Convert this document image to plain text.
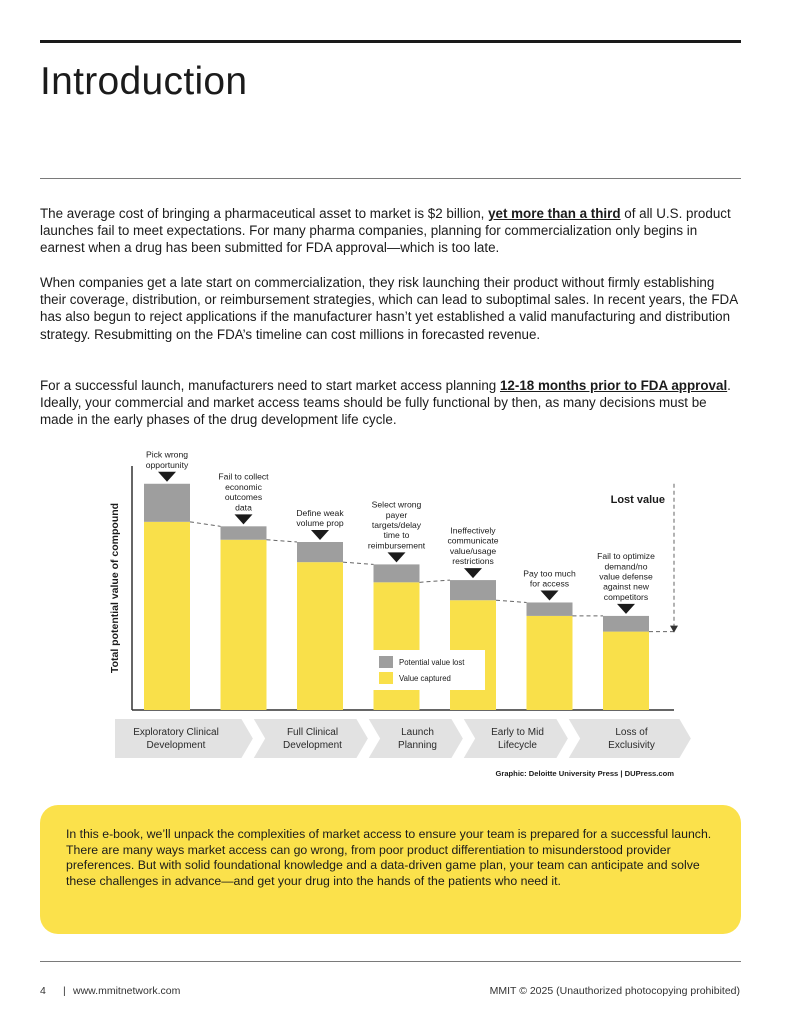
Introduction

The average cost of bringing a pharmaceutical asset to market is $2 billion, yet more than a third of all U.S. product launches fail to meet expectations. For many pharma companies, planning for commercialization only begins in earnest when a drug has been submitted for FDA approval—which is too late.

When companies get a late start on commercialization, they risk launching their product without firmly establishing their coverage, distribution, or reimbursement strategies, which can lead to suboptimal sales. In recent years, the FDA has also begun to reject applications if the manufacturer hasn’t yet established a valid manufacturing and distribution strategy. Resubmitting on the FDA’s timeline can cost millions in forecasted revenue.

For a successful launch, manufacturers need to start market access planning 12-18 months prior to FDA approval. Ideally, your commercial and market access teams should be fully functional by then, as many decisions must be made in the early phases of the drug development life cycle.

Total potential value of compound
Pick wrong
opportunity
Fail to collect
economic
outcomes
data
Define weak
volume prop
Select wrong
payer
targets/delay
time to
reimbursement
Ineffectively
communicate
value/usage
restrictions
Pay too much
for access
Fail to optimize
demand/no
value defense
against new
competitors
Lost value
Potential value lost
Value captured
Exploratory Clinical
Development
Full Clinical
Development
Launch
Planning
Early to Mid
Lifecycle
Loss of
Exclusivity
Graphic: Deloitte University Press | DUPress.com

In this e-book, we’ll unpack the complexities of market access to ensure your team is prepared for a successful launch. There are many ways market access can go wrong, from poor product differentiation to misunderstood provider preferences. But with solid foundational knowledge and a data-driven game plan, your team can anticipate and solve these challenges in advance—and get your drug into the hands of the patients who need it.

4 | www.mmitnetwork.com	MMIT © 2025 (Unauthorized photocopying prohibited)
